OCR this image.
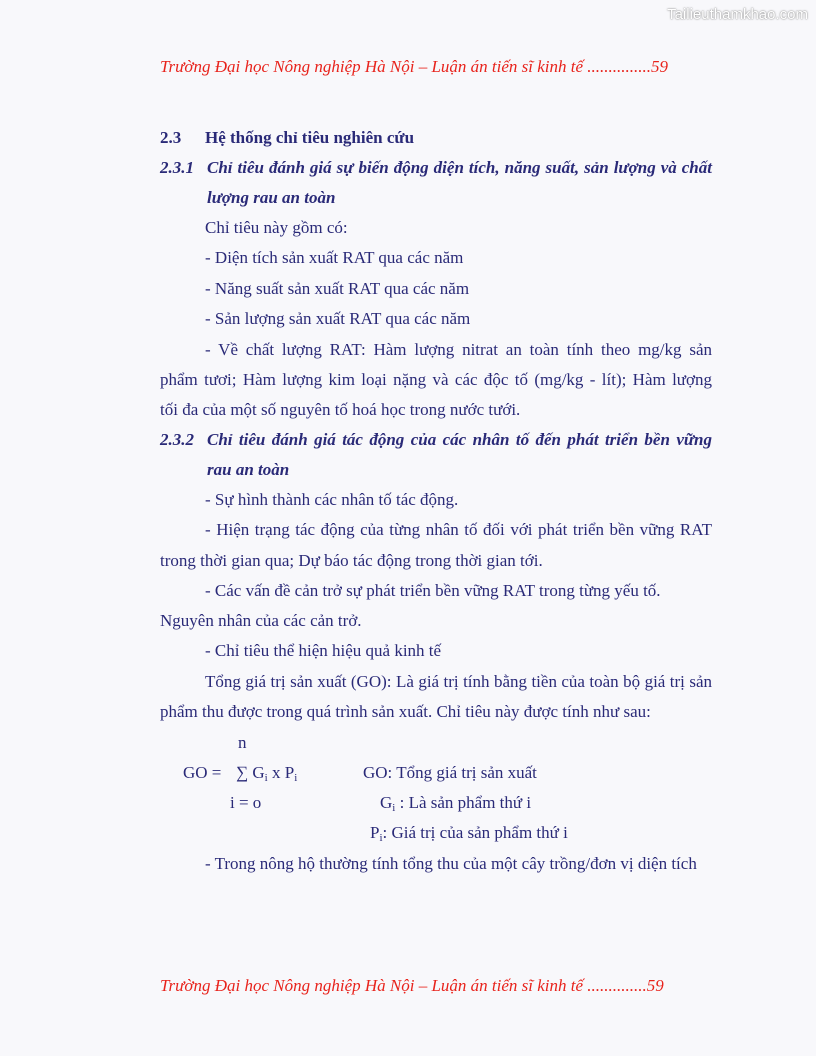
Tailieuthamkhao.com
Trường Đại học Nông nghiệp Hà Nội – Luận án tiến sĩ kinh tế ...............59
2.3 Hệ thống chỉ tiêu nghiên cứu
2.3.1 Chỉ tiêu đánh giá sự biến động diện tích, năng suất, sản lượng và chất
lượng rau an toàn
Chỉ tiêu này gồm có:
- Diện tích sản xuất RAT qua các năm
- Năng suất sản xuất RAT qua các năm
- Sản lượng sản xuất RAT qua các năm
- Về chất lượng RAT: Hàm lượng nitrat an toàn tính theo mg/kg sản
phẩm tươi; Hàm lượng kim loại nặng và các độc tố (mg/kg - lít); Hàm lượng
tối đa của một số nguyên tố hoá học trong nước tưới.
2.3.2 Chỉ tiêu đánh giá tác động của các nhân tố đến phát triển bền vững
rau an toàn
- Sự hình thành các nhân tố tác động.
- Hiện trạng tác động của từng nhân tố đối với phát triển bền vững RAT
trong thời gian qua; Dự báo tác động trong thời gian tới.
- Các vấn đề cản trở sự phát triển bền vững RAT trong từng yếu tố.
Nguyên nhân của các cản trở.
- Chỉ tiêu thể hiện hiệu quả kinh tế
Tổng giá trị sản xuất (GO): Là giá trị tính bằng tiền của toàn bộ giá trị sản
phẩm thu được trong quá trình sản xuất. Chỉ tiêu này được tính như sau:
n
GO = ∑ $G_i$ x $P_i$
i = o
GO: Tổng giá trị sản xuất
$G_i$ : Là sản phẩm thứ i
$P_i$: Giá trị của sản phẩm thứ i
- Trong nông hộ thường tính tổng thu của một cây trồng/đơn vị diện tích
Trường Đại học Nông nghiệp Hà Nội – Luận án tiến sĩ kinh tế ..............59
